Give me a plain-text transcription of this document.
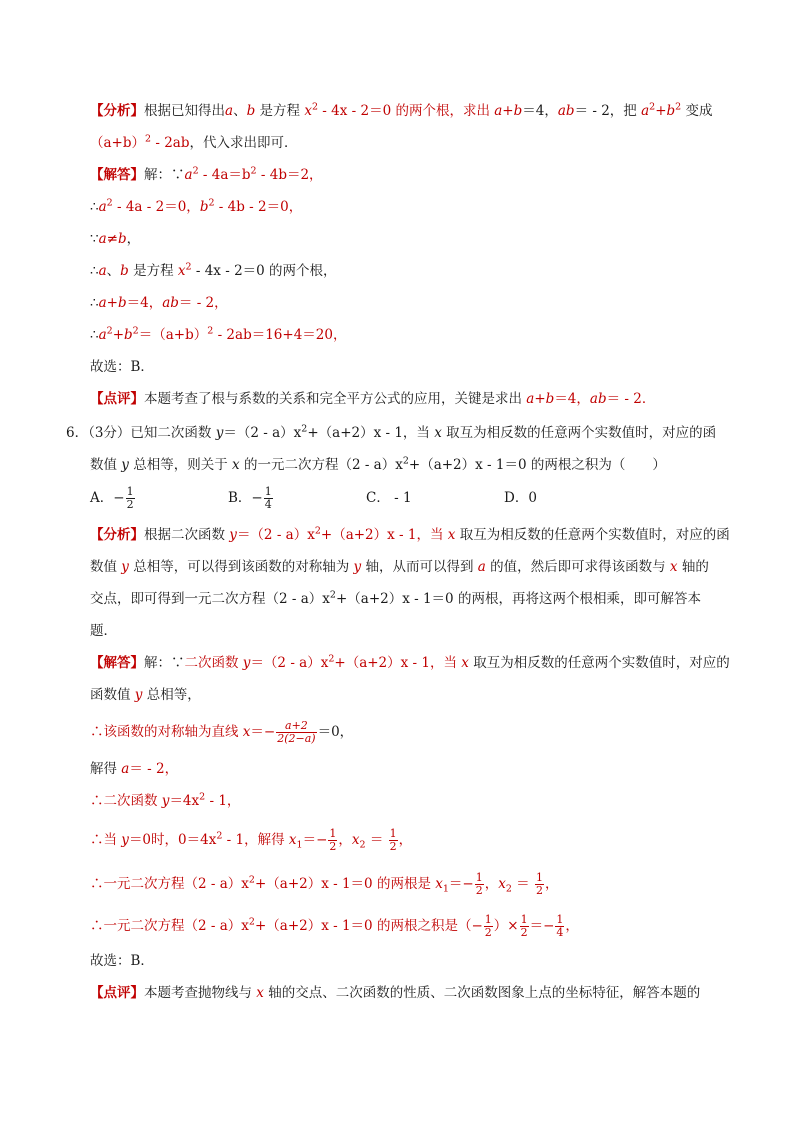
【分析】根据已知得出a、b 是方程 $x^2 - 4x - 2=0$ 的两个根，求出 a+b＝4，ab＝ - 2，把 $a^2+b^2$ 变成
$(a+b)^2 - 2ab$，代入求出即可．
【解答】解：$\because a^2 - 4a=b^2 - 4b=2$，
$\therefore a^2 - 4a - 2=0$，$b^2 - 4b - 2=0$，
∵a≠b，
∴a、b 是方程 $x^2 - 4x - 2=0$ 的两个根，
∴a+b＝4，ab＝ - 2，
$\therefore a^2+b^2=(a+b)^2 - 2ab=16+4=20$，
故选：B．
【点评】本题考查了根与系数的关系和完全平方公式的应用，关键是求出 a+b＝4，ab＝ - 2．
6．（3分）已知二次函数 $y=(2 - a)x^2+(a+2)x - 1$，当 x 取互为相反数的任意两个实数值时，对应的函
数值 y 总相等，则关于 x 的一元二次方程$(2 - a)x^2+(a+2)x - 1=0$ 的两根之积为（　　）
A．− $\frac{1}{2}$	B．− $\frac{1}{4}$	C． - 1	D．0
【分析】根据二次函数 $y=(2 - a)x^2+(a+2)x - 1$，当 x 取互为相反数的任意两个实数值时，对应的函
数值 y 总相等，可以得到该函数的对称轴为 y 轴，从而可以得到 a 的值，然后即可求得该函数与 x 轴的
交点，即可得到一元二次方程$(2 - a)x^2+(a+2)x - 1=0$ 的两根，再将这两个根相乘，即可解答本
题．
【解答】解：∵二次函数 $y=(2 - a)x^2+(a+2)x - 1$，当 x 取互为相反数的任意两个实数值时，对应的
函数值 y 总相等，
∴该函数的对称轴为直线 $x=- \frac{a+2}{2(2-a)} =0$，
解得 a＝ - 2，
∴二次函数 $y=4x^2 - 1$，
∴当 y＝0时，$0=4x^2 - 1$，解得 $x_1=- \frac{1}{2}$ ，$x_2 = \frac{1}{2}$ ，
∴一元二次方程$(2 - a)x^2+(a+2)x - 1=0$ 的两根是 $x_1=- \frac{1}{2}$ ，$x_2 = \frac{1}{2}$ ，
∴一元二次方程$(2 - a)x^2+(a+2)x - 1=0$ 的两根之积是（− $\frac{1}{2}$ ）× $\frac{1}{2} =- \frac{1}{4}$ ，
故选：B．
【点评】本题考查抛物线与 x 轴的交点、二次函数的性质、二次函数图象上点的坐标特征，解答本题的
